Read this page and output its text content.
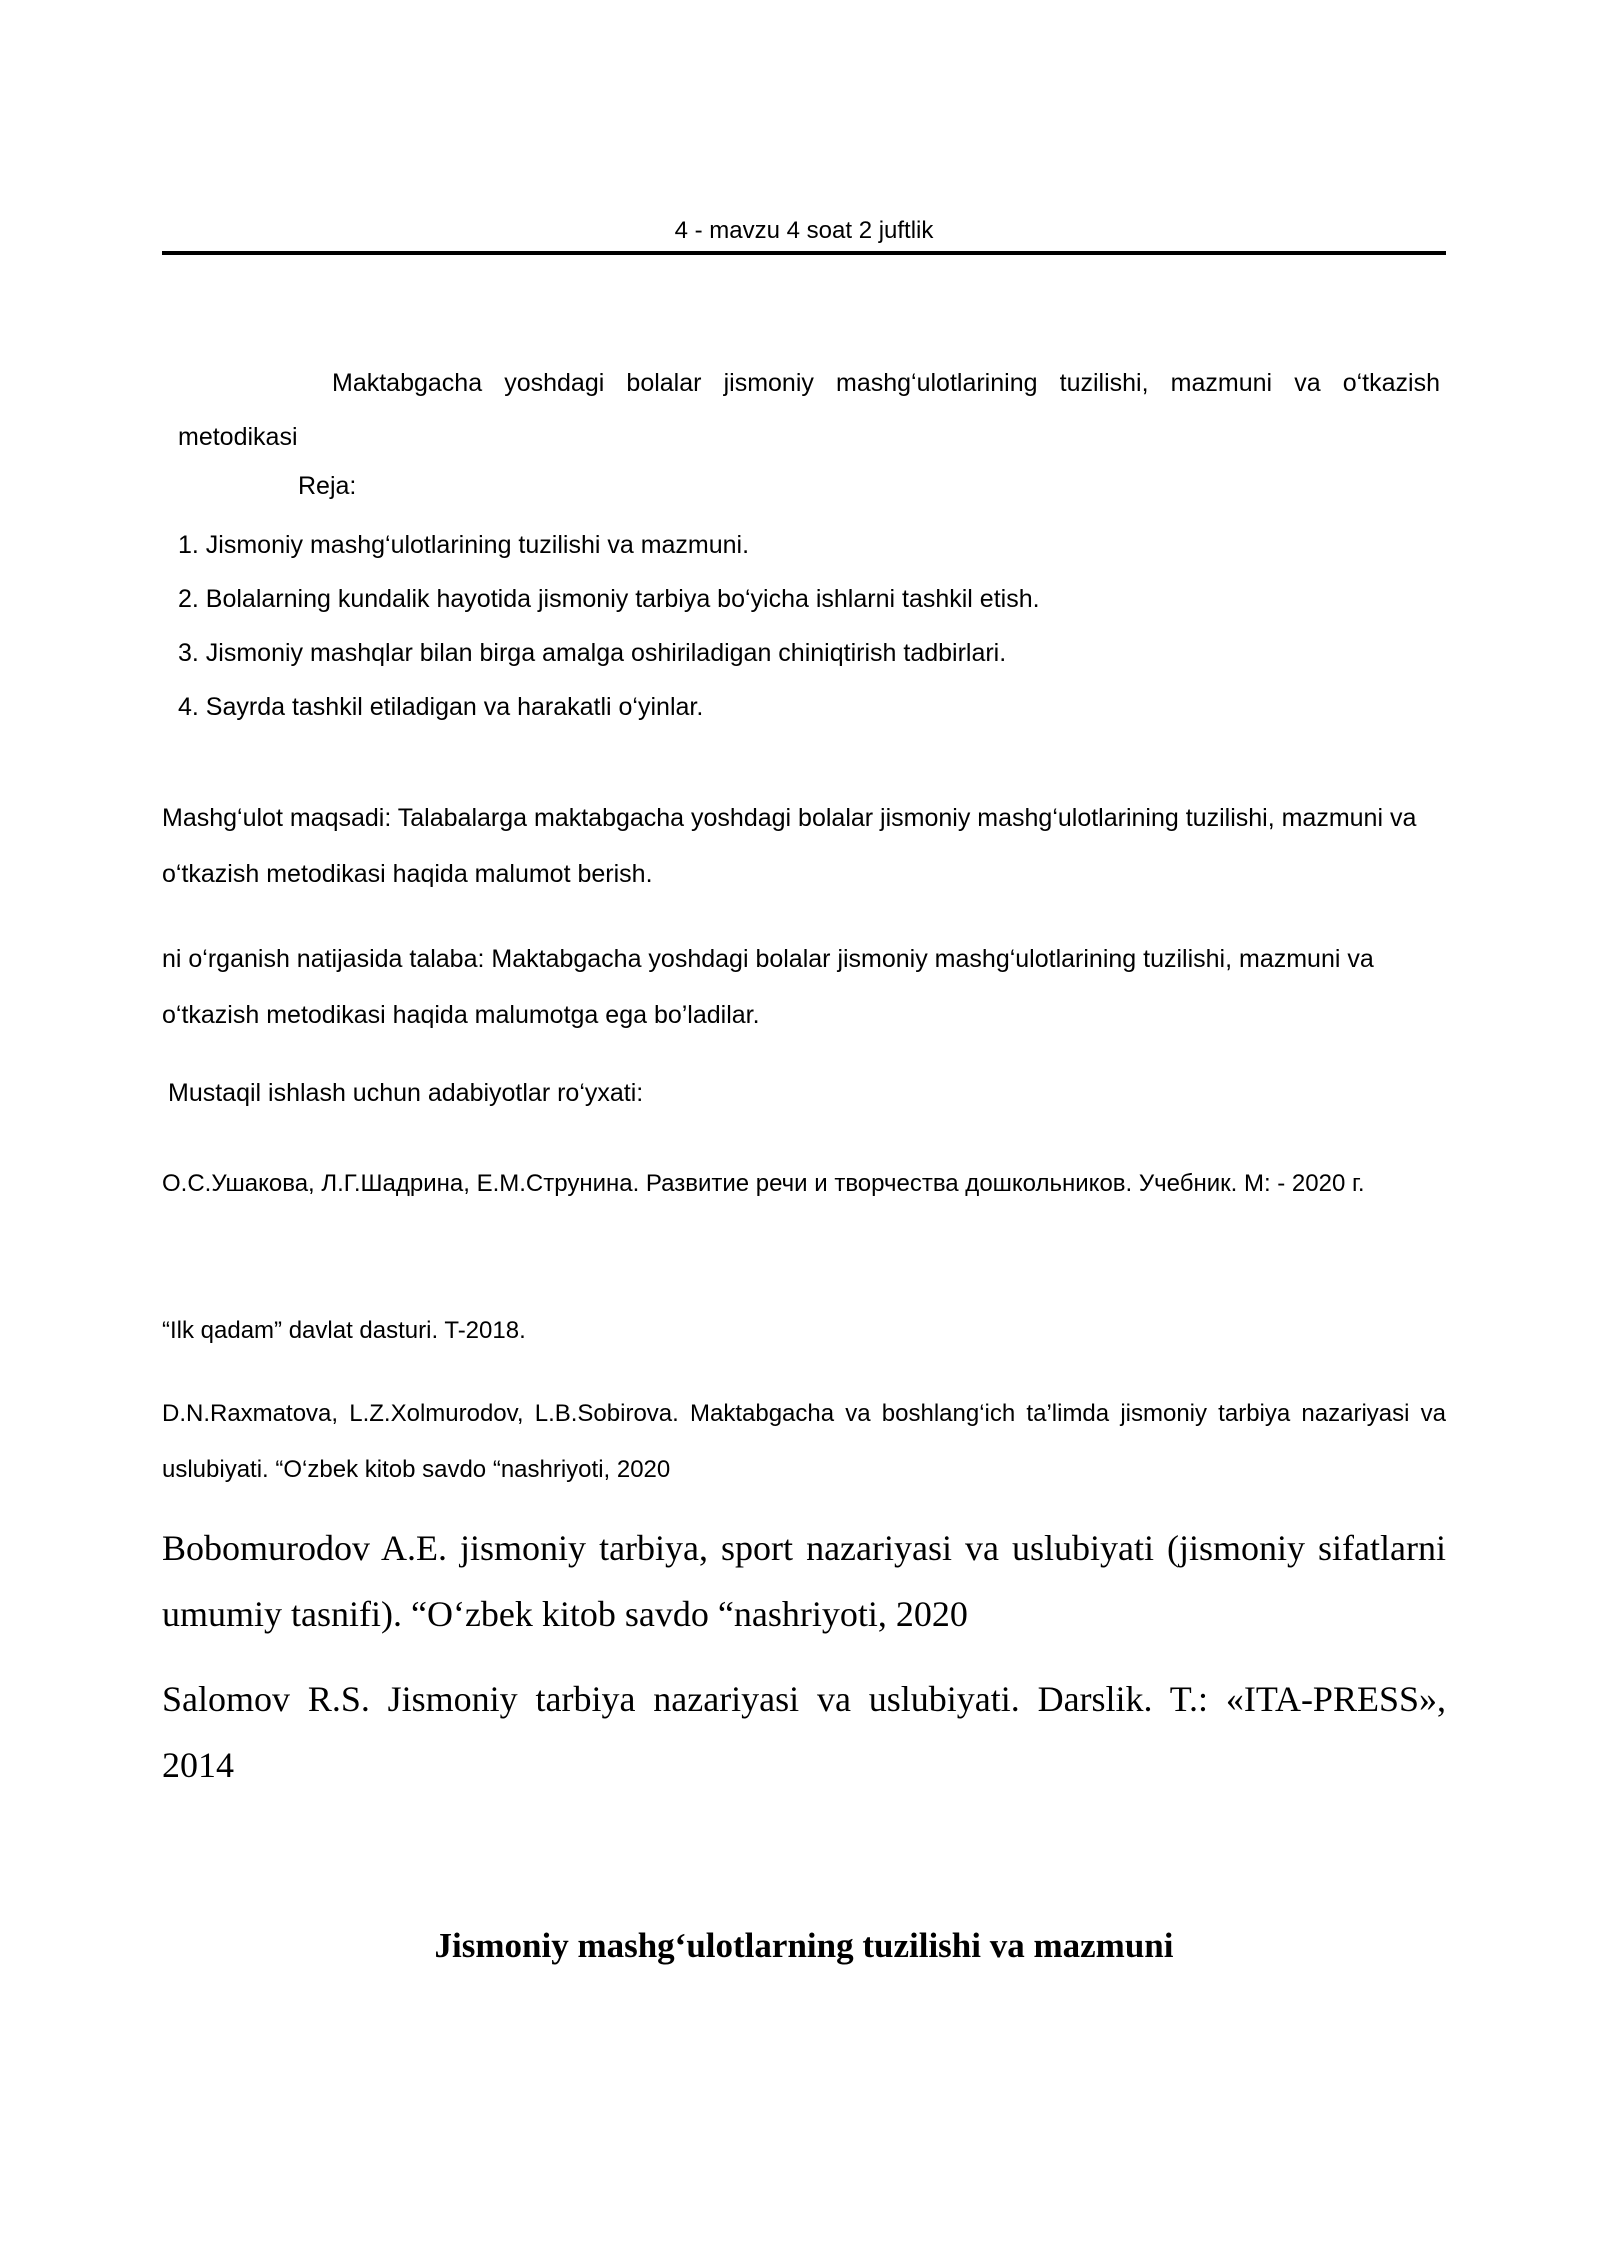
4 - mavzu 4 soat 2 juftlik

Maktabgacha yoshdagi bolalar jismoniy mashg‘ulotlarining tuzilishi, mazmuni va o‘tkazish metodikasi

Reja:

1. Jismoniy mashg‘ulotlarining tuzilishi va mazmuni.
2. Bolalarning kundalik hayotida jismoniy tarbiya bo‘yicha ishlarni tashkil etish.
3. Jismoniy mashqlar bilan birga amalga oshiriladigan chiniqtirish tadbirlari.
4. Sayrda tashkil etiladigan va harakatli o‘yinlar.

Mashg‘ulot maqsadi: Talabalarga maktabgacha yoshdagi bolalar jismoniy mashg‘ulotlarining tuzilishi, mazmuni va o‘tkazish metodikasi haqida malumot berish.

ni o‘rganish natijasida talaba: Maktabgacha yoshdagi bolalar jismoniy mashg‘ulotlarining tuzilishi, mazmuni va o‘tkazish metodikasi haqida malumotga ega bo’ladilar.

Mustaqil ishlash uchun adabiyotlar ro‘yxati:

О.С.Ушакова, Л.Г.Шадрина, Е.М.Струнина. Развитие речи и творчества дошкольников. Учебник. М: - 2020 г.

“Ilk qadam” davlat dasturi. T-2018.

D.N.Raxmatova, L.Z.Xolmurodov, L.B.Sobirova. Maktabgacha va boshlang‘ich ta’limda jismoniy tarbiya nazariyasi va uslubiyati. “O‘zbek kitob savdo “nashriyoti, 2020

Bobomurodov A.E. jismoniy tarbiya, sport nazariyasi va uslubiyati (jismoniy sifatlarni umumiy tasnifi). “O‘zbek kitob savdo “nashriyoti, 2020

Salomov R.S. Jismoniy tarbiya nazariyasi va uslubiyati. Darslik. T.: «ITA-PRESS», 2014

Jismoniy mashg‘ulotlarning tuzilishi va mazmuni
